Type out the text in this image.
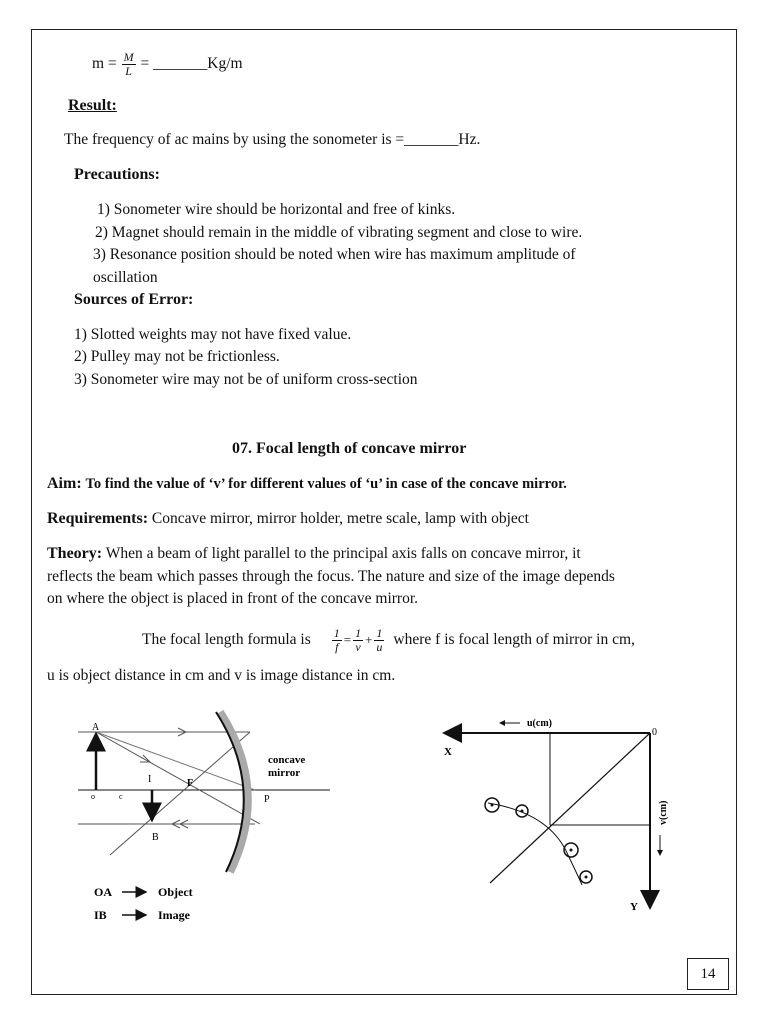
$m = \frac{M}{L}$ = _______Kg/m
Result:
The frequency of ac mains by using the sonometer is =_______Hz.
Precautions:
1) Sonometer wire should be horizontal and free of kinks.
2) Magnet should remain in the middle of vibrating segment and close to wire.
3) Resonance position should be noted when wire has maximum amplitude of
oscillation
Sources of Error:
1) Slotted weights may not have fixed value.
2) Pulley may not be frictionless.
3) Sonometer wire may not be of uniform cross-section
07. Focal length of concave mirror
Aim: To find the value of ‘v’ for different values of ‘u’ in case of the concave mirror.
Requirements: Concave mirror, mirror holder, metre scale, lamp with object
Theory: When a beam of light parallel to the principal axis falls on concave mirror, it
reflects the beam which passes through the focus. The nature and size of the image depends
on where the object is placed in front of the concave mirror.
The focal length formula is $\frac{1}{f} = \frac{1}{v} + \frac{1}{u}$ where f is focal length of mirror in cm,
u is object distance in cm and v is image distance in cm.
A
I	F
P
B
o	c
concave
mirror
OA	Object
IB	Image
X
Y
0
u(cm)
v(cm)
14
